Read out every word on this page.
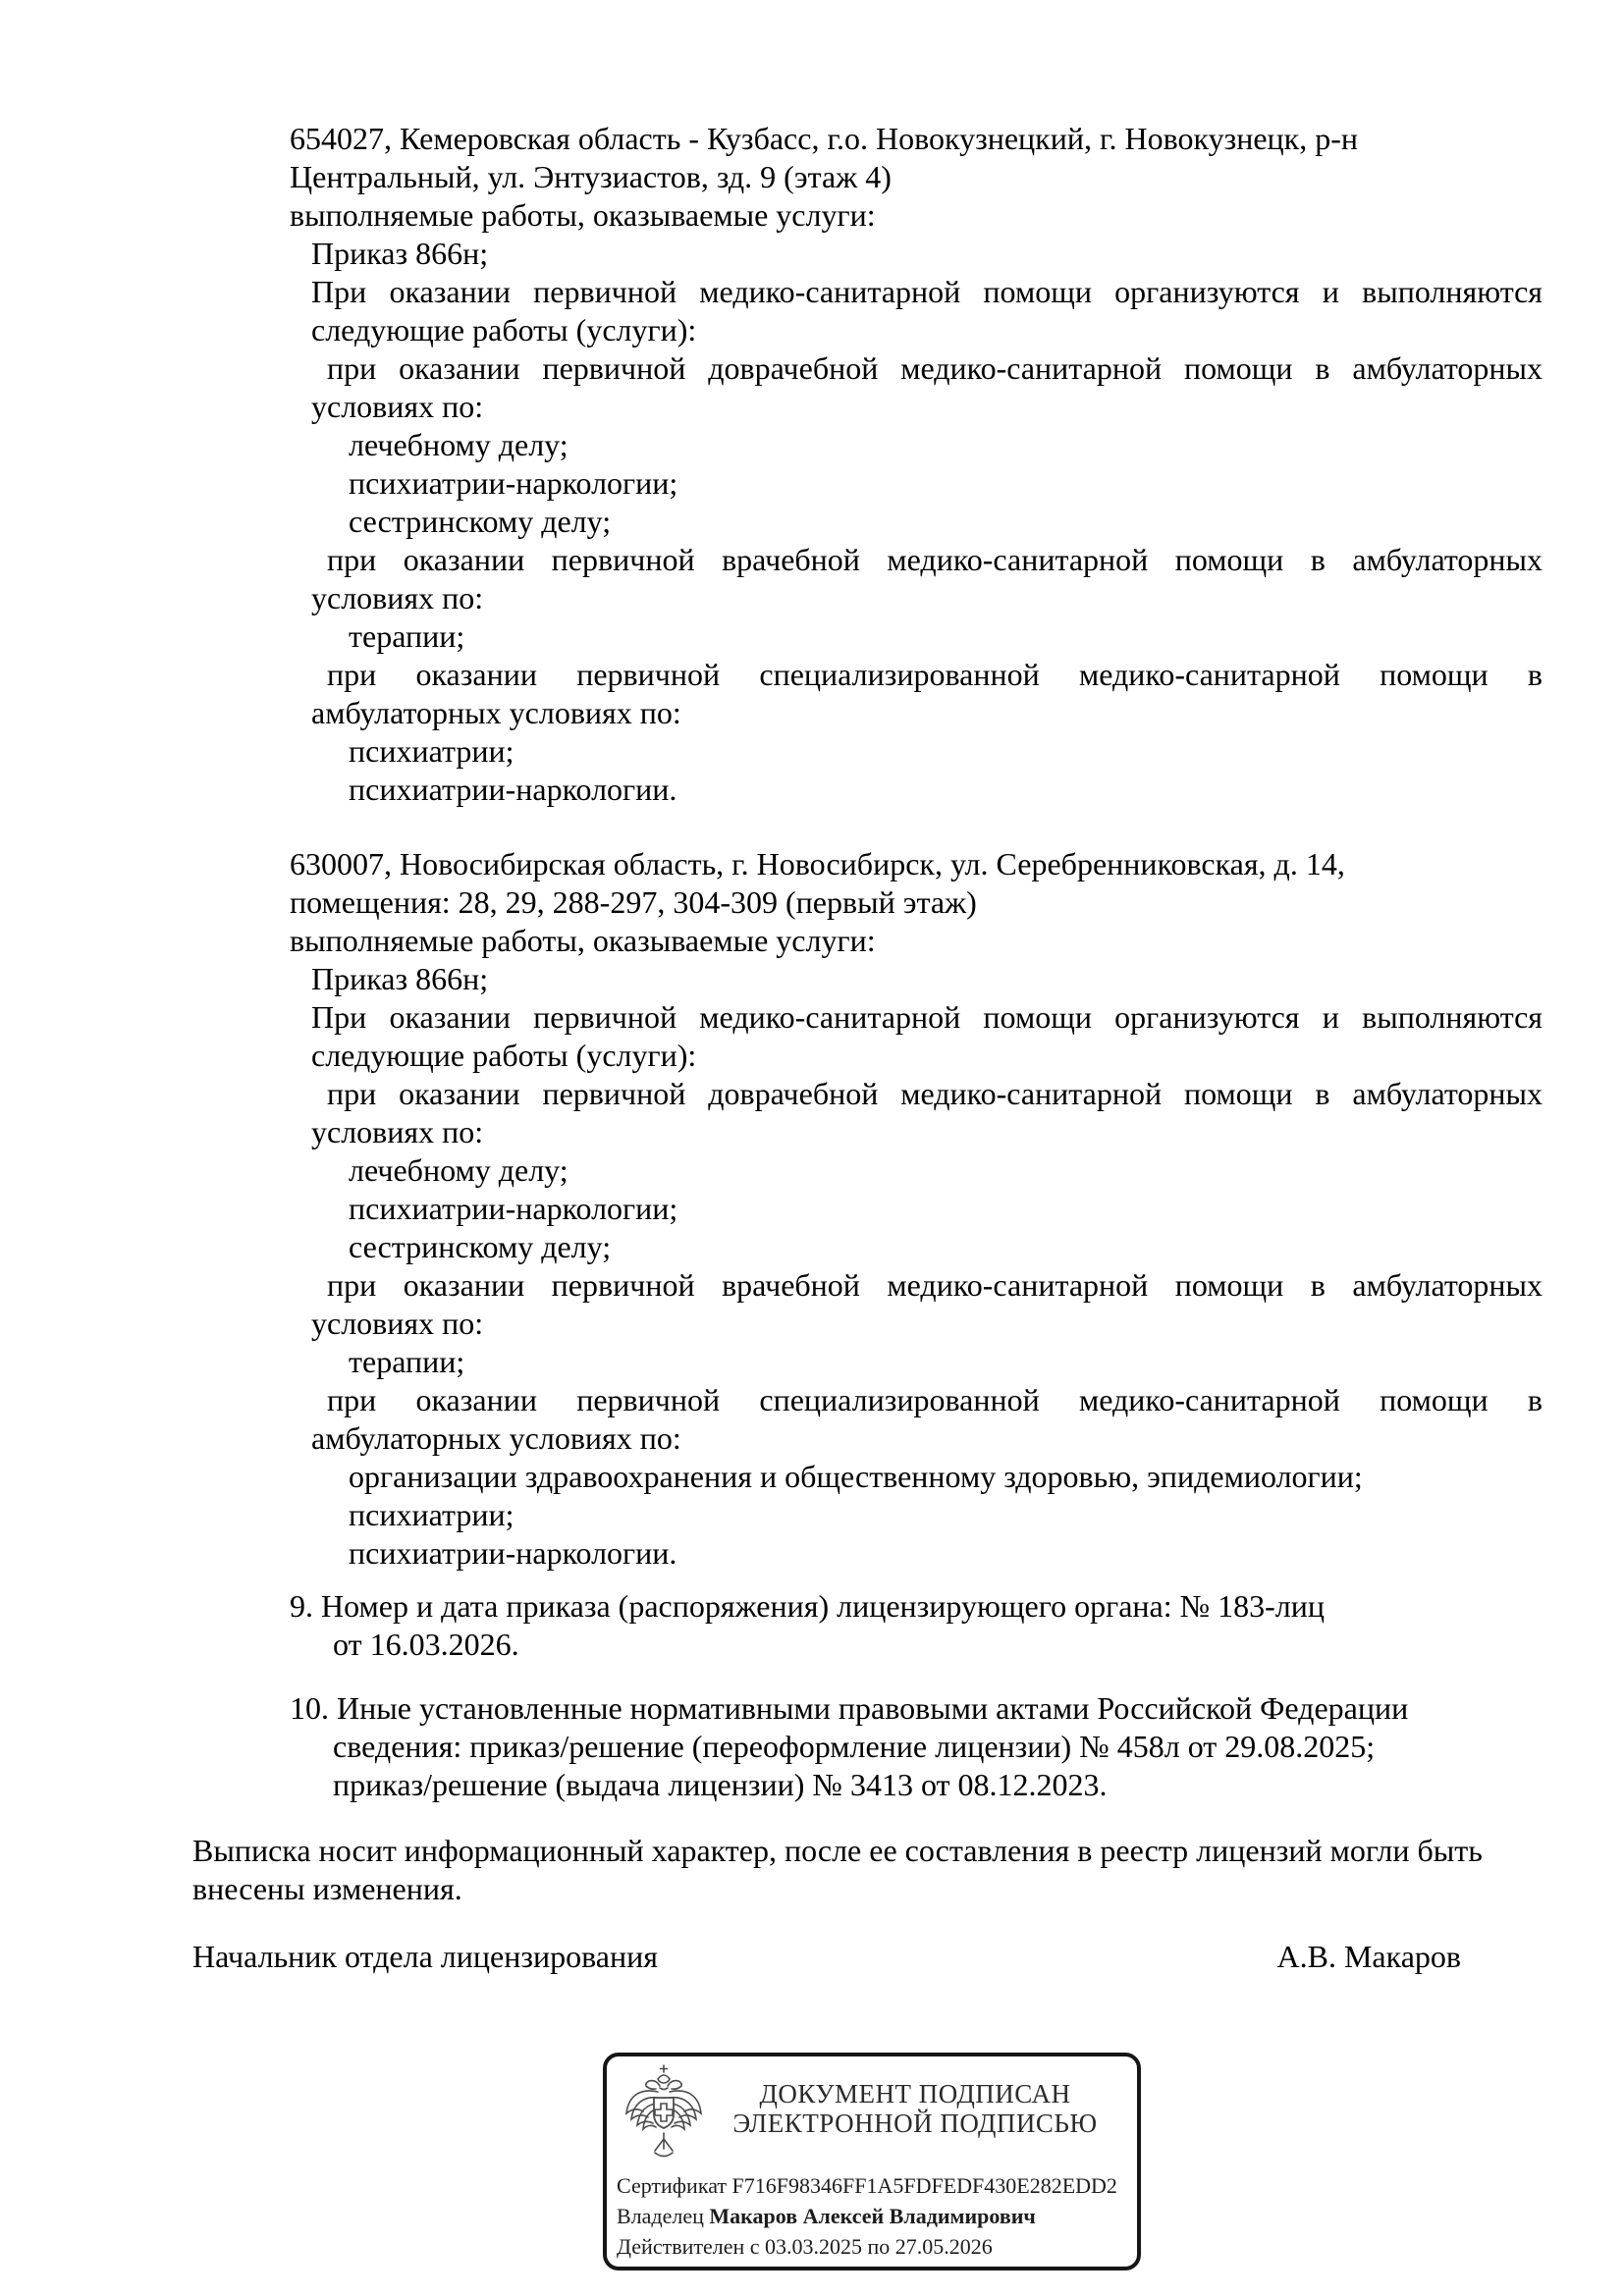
654027, Кемеровская область - Кузбасс, г.о. Новокузнецкий, г. Новокузнецк, р-н
Центральный, ул. Энтузиастов, зд. 9 (этаж 4)
выполняемые работы, оказываемые услуги:
Приказ 866н;
При оказании первичной медико-санитарной помощи организуются и выполняются
следующие работы (услуги):
при оказании первичной доврачебной медико-санитарной помощи в амбулаторных
условиях по:
лечебному делу;
психиатрии-наркологии;
сестринскому делу;
при оказании первичной врачебной медико-санитарной помощи в амбулаторных
условиях по:
терапии;
при оказании первичной специализированной медико-санитарной помощи в
амбулаторных условиях по:
психиатрии;
психиатрии-наркологии.
630007, Новосибирская область, г. Новосибирск, ул. Серебренниковская, д. 14,
помещения: 28, 29, 288-297, 304-309 (первый этаж)
выполняемые работы, оказываемые услуги:
Приказ 866н;
При оказании первичной медико-санитарной помощи организуются и выполняются
следующие работы (услуги):
при оказании первичной доврачебной медико-санитарной помощи в амбулаторных
условиях по:
лечебному делу;
психиатрии-наркологии;
сестринскому делу;
при оказании первичной врачебной медико-санитарной помощи в амбулаторных
условиях по:
терапии;
при оказании первичной специализированной медико-санитарной помощи в
амбулаторных условиях по:
организации здравоохранения и общественному здоровью, эпидемиологии;
психиатрии;
психиатрии-наркологии.
9. Номер и дата приказа (распоряжения) лицензирующего органа: № 183-лиц
от 16.03.2026.
10. Иные установленные нормативными правовыми актами Российской Федерации
сведения: приказ/решение (переоформление лицензии) № 458л от 29.08.2025;
приказ/решение (выдача лицензии) № 3413 от 08.12.2023.
Выписка носит информационный характер, после ее составления в реестр лицензий могли быть
внесены изменения.
Начальник отдела лицензирования	А.В. Макаров
ДОКУМЕНТ ПОДПИСАН
ЭЛЕКТРОННОЙ ПОДПИСЬЮ
Сертификат F716F98346FF1A5FDFEDF430E282EDD2
Владелец Макаров Алексей Владимирович
Действителен с 03.03.2025 по 27.05.2026
